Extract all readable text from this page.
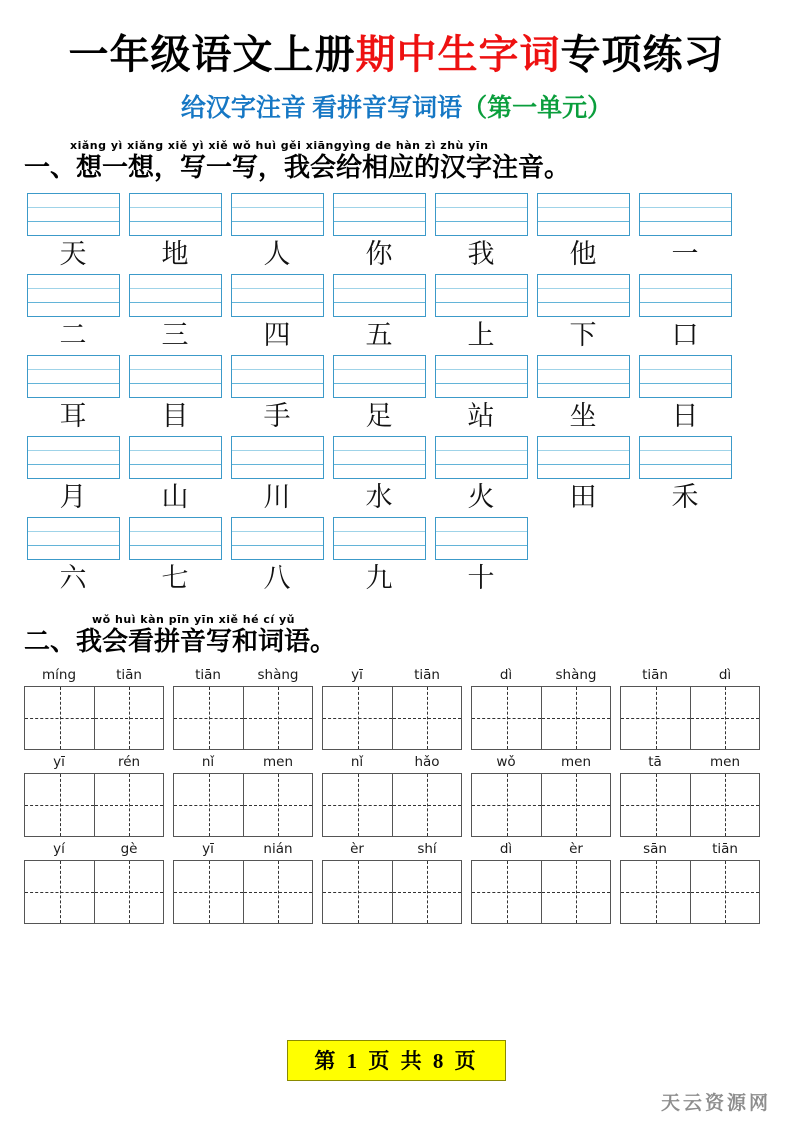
一年级语文上册期中生字词专项练习
给汉字注音 看拼音写词语（第一单元）
xiǎng yì xiǎng xiě yì xiě wǒ huì gěi xiāngyìng de hàn zì zhù yīn
一、想一想，写一写，我会给相应的汉字注音。
天	地	人	你	我	他	一
二	三	四	五	上	下	口
耳	目	手	足	站	坐	日
月	山	川	水	火	田	禾
六	七	八	九	十
wǒ huì kàn pīn yīn xiě hé cí yǔ
二、我会看拼音写和词语。
míng	tiān	tiān	shàng	yī	tiān	dì	shàng	tiān	dì
yī	rén	nǐ	men	nǐ	hǎo	wǒ	men	tā	men
yí	gè	yī	nián	èr	shí	dì	èr	sān	tiān
第 1 页 共 8 页
天云资源网
